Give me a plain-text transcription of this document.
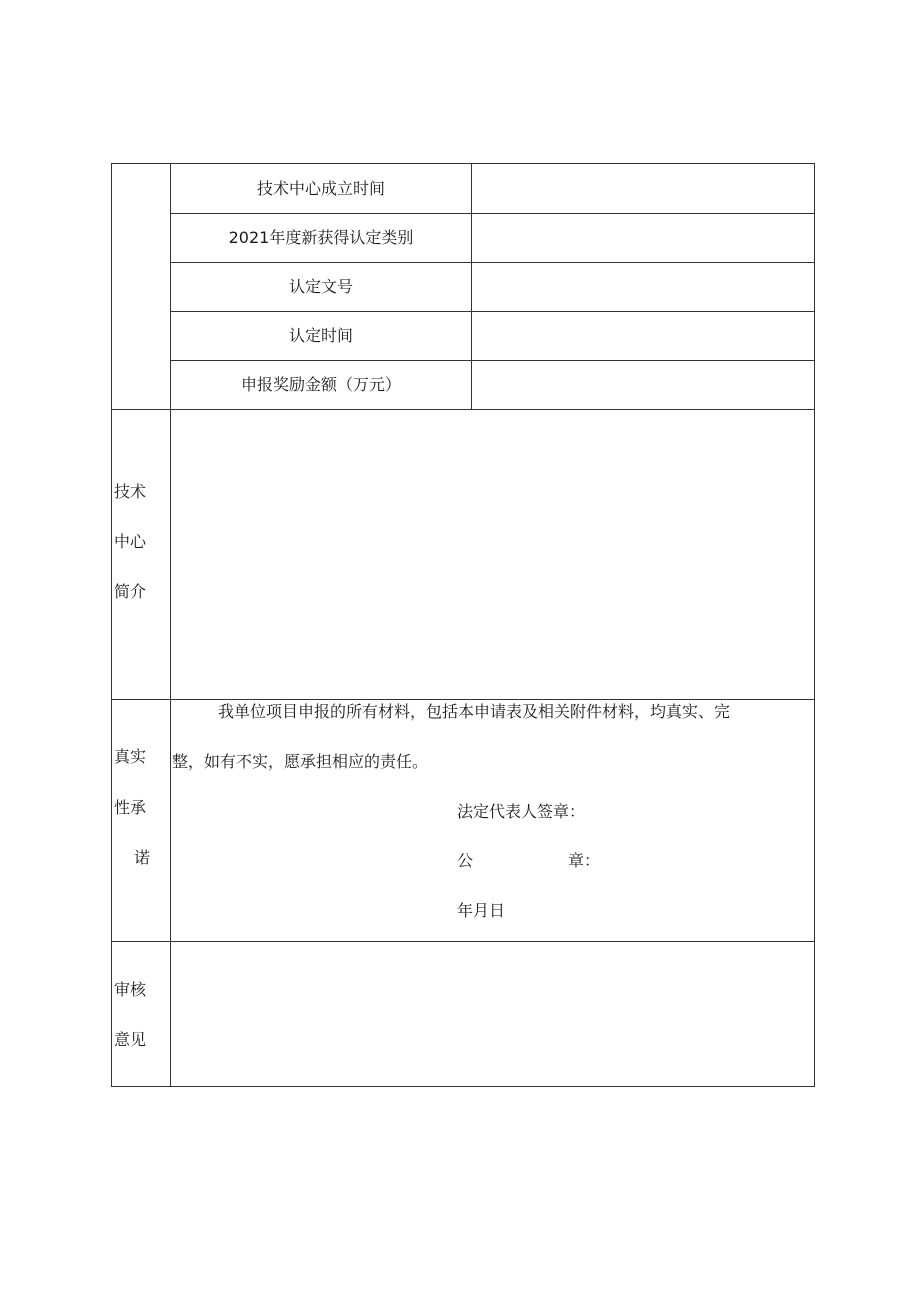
技术中心成立时间
2021年度新获得认定类别
认定文号
认定时间
申报奖励金额（万元）
技术
中心
简介
真实
性承
诺
我单位项目申报的所有材料，包括本申请表及相关附件材料，均真实、完
整，如有不实，愿承担相应的责任。
法定代表人签章：
公	章：
年月日
审核
意见
